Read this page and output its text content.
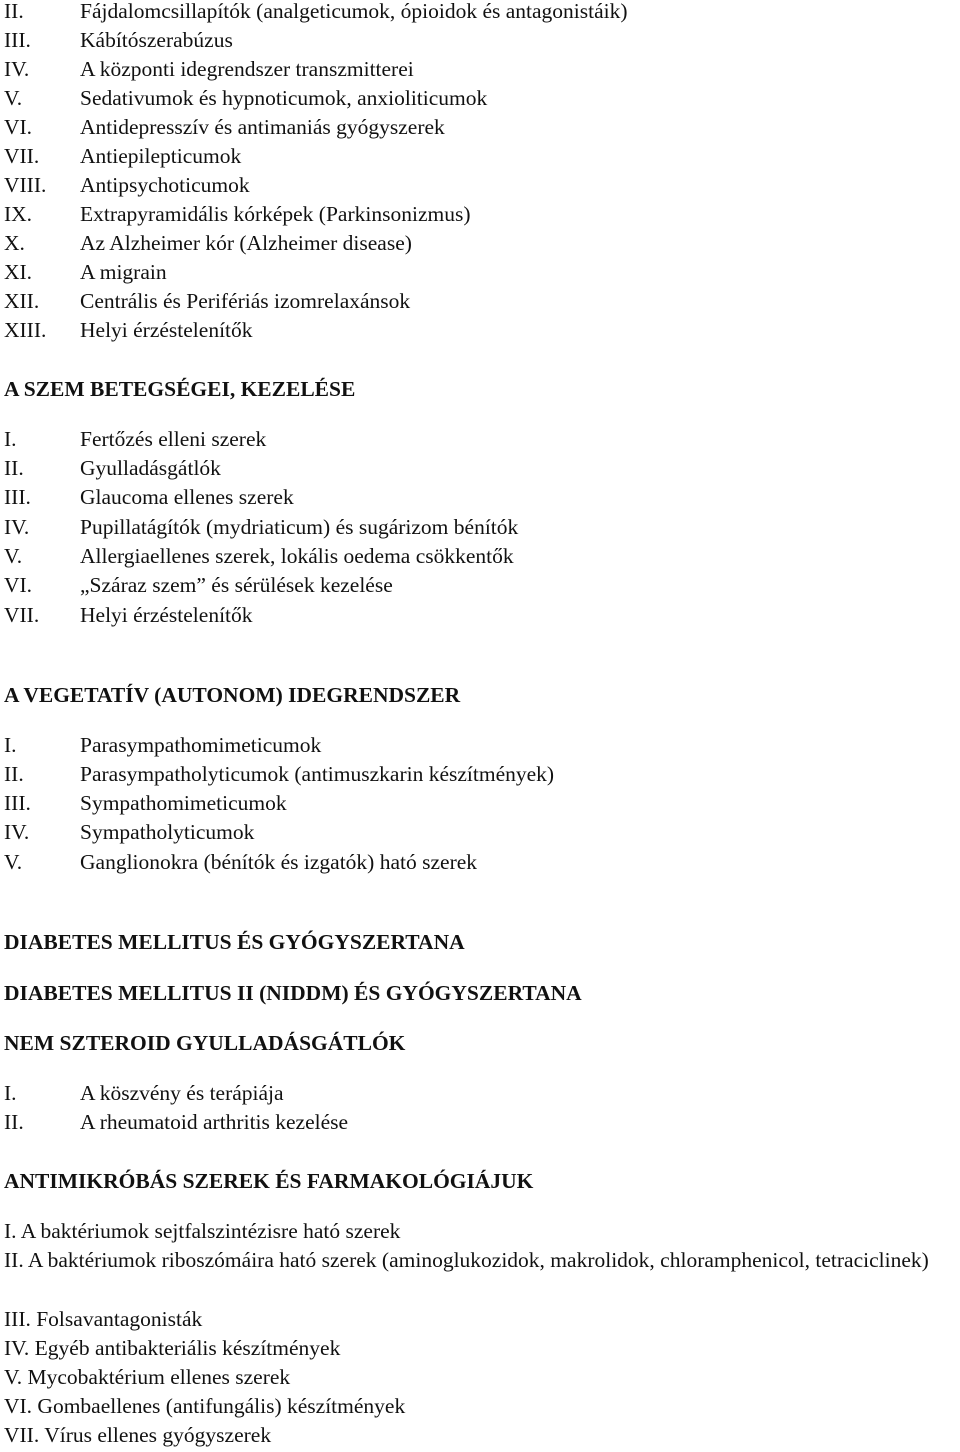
II.	Fájdalomcsillapítók (analgeticumok, ópioidok és antagonistáik)
III. Kábítószerabúzus
IV. A központi idegrendszer transzmitterei
V.	Sedativumok és hypnoticumok, anxioliticumok
VI. Antidepresszív és antimaniás gyógyszerek
VII. Antiepilepticumok
VIII. Antipsychoticumok
IX. Extrapyramidális kórképek (Parkinsonizmus)
X.	Az Alzheimer kór (Alzheimer disease)
XI. A migrain
XII. Centrális és Perifériás izomrelaxánsok
XIII. Helyi érzéstelenítők
A SZEM BETEGSÉGEI, KEZELÉSE
I.	Fertőzés elleni szerek
II.	Gyulladásgátlók
III. Glaucoma ellenes szerek
IV. Pupillatágítók (mydriaticum) és sugárizom bénítók
V.	Allergiaellenes szerek, lokális oedema csökkentők
VI. „Száraz szem” és sérülések kezelése
VII. Helyi érzéstelenítők
A VEGETATÍV (AUTONOM) IDEGRENDSZER
I.	Parasympathomimeticumok
II.	Parasympatholyticumok (antimuszkarin készítmények)
III. Sympathomimeticumok
IV. Sympatholyticumok
V.	Ganglionokra (bénítók és izgatók) ható szerek
DIABETES MELLITUS ÉS GYÓGYSZERTANA
DIABETES MELLITUS II (NIDDM) ÉS GYÓGYSZERTANA
NEM SZTEROID GYULLADÁSGÁTLÓK
I.	A köszvény és terápiája
II.	A rheumatoid arthritis kezelése
ANTIMIKRÓBÁS SZEREK ÉS FARMAKOLÓGIÁJUK
I. A baktériumok sejtfalszintézisre ható szerek
II. A baktériumok riboszómáira ható szerek (aminoglukozidok, makrolidok, chloramphenicol, tetraciclinek)
III. Folsavantagonisták
IV. Egyéb antibakteriális készítmények
V. Mycobaktérium ellenes szerek
VI. Gombaellenes (antifungális) készítmények
VII. Vírus ellenes gyógyszerek
